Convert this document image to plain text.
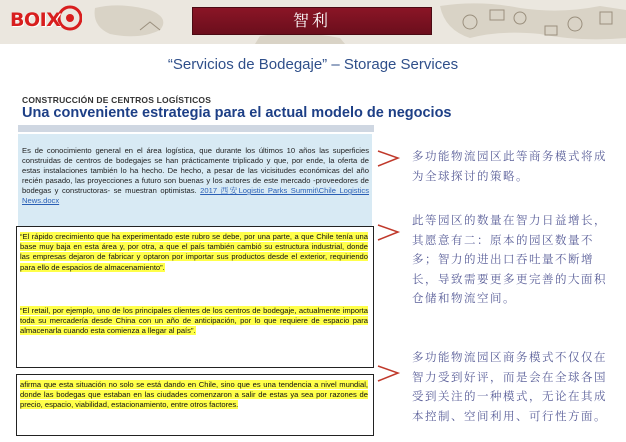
BOIX	智利
“Servicios de Bodegaje” – Storage Services
CONSTRUCCIÓN DE CENTROS LOGÍSTICOS
Una conveniente estrategia para el actual modelo de negocios
Es de conocimiento general en el área logística, que durante los últimos 10 años las superficies construidas de centros de bodegajes se han prácticamente triplicado y que, por ende, la oferta de estas instalaciones también lo ha hecho. De hecho, a pesar de las vicisitudes económicas del año recién pasado, las proyecciones a futuro son buenas y los actores de este mercado -proveedores de bodegas y constructoras- se muestran optimistas. 2017 西安Logistic Parks Summit\Chile Logistics News.docx
“El rápido crecimiento que ha experimentado este rubro se debe, por una parte, a que Chile tenía una base muy baja en esta área y, por otra, a que el país también cambió su estructura industrial, donde las empresas dejaron de fabricar y optaron por importar sus productos desde el exterior, requiriendo para ello de espacios de almacenamiento”.
“El retail, por ejemplo, uno de los principales clientes de los centros de bodegaje, actualmente importa toda su mercadería desde China con un año de anticipación, por lo que requiere de espacio para almacenarla cuando esta comienza a llegar al país”.
afirma que esta situación no solo se está dando en Chile, sino que es una tendencia a nivel mundial, donde las bodegas que estaban en las ciudades comenzaron a salir de estas ya sea por razones de precio, espacio, viabilidad, estacionamiento, entre otros factores.
多功能物流园区此等商务模式将成为全球探讨的策略。
此等园区的数量在智力日益增长，其愿意有二：原本的园区数量不多；智力的进出口吞吐量不断增长，导致需要更多更完善的大面积仓储和物流空间。
多功能物流园区商务模式不仅仅在智力受到好评，而是会在全球各国受到关注的一种模式，无论在其成本控制、空间利用、可行性方面。
